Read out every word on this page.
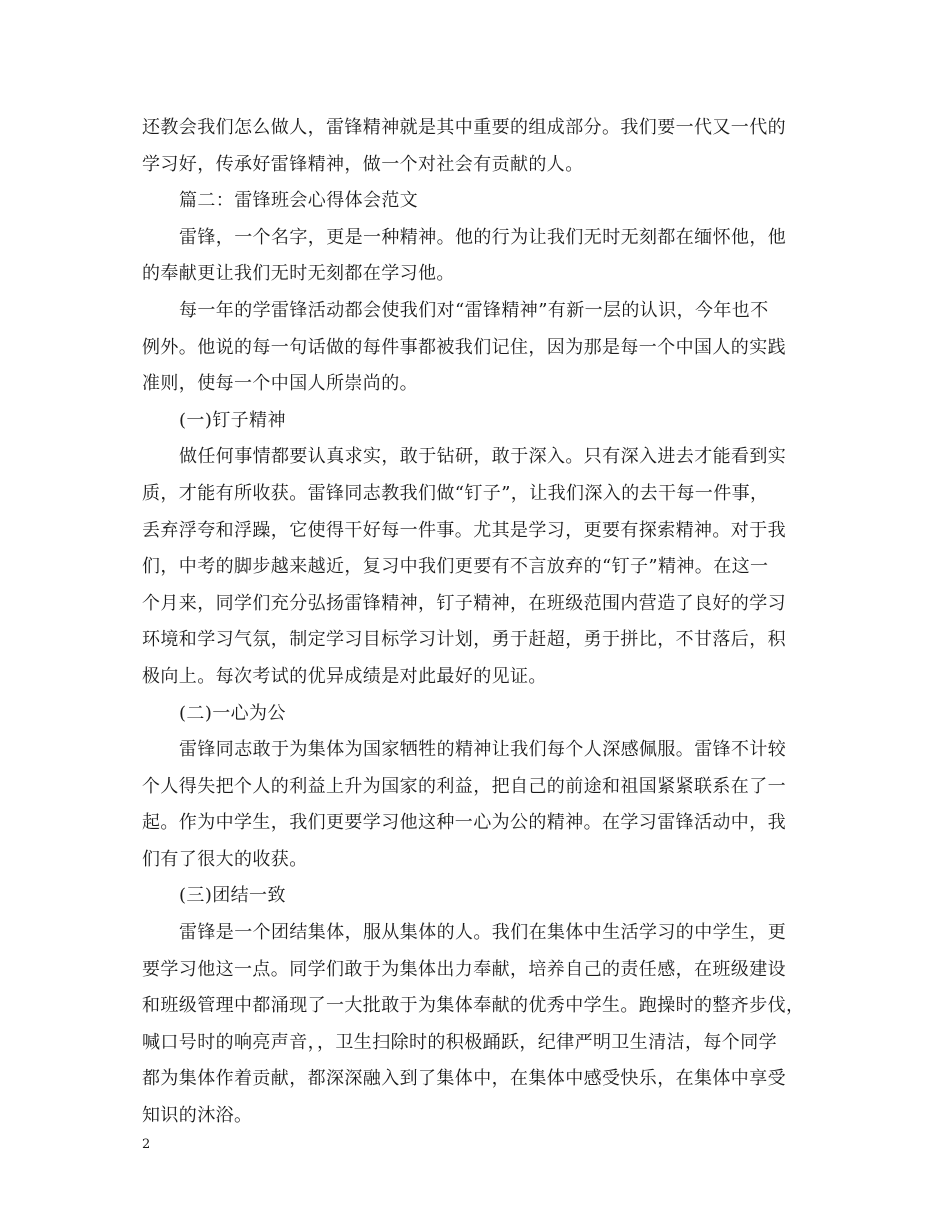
还教会我们怎么做人，雷锋精神就是其中重要的组成部分。我们要一代又一代的
学习好，传承好雷锋精神，做一个对社会有贡献的人。
篇二：雷锋班会心得体会范文
雷锋，一个名字，更是一种精神。他的行为让我们无时无刻都在缅怀他，他
的奉献更让我们无时无刻都在学习他。
每一年的学雷锋活动都会使我们对“雷锋精神”有新一层的认识，今年也不
例外。他说的每一句话做的每件事都被我们记住，因为那是每一个中国人的实践
准则，使每一个中国人所崇尚的。
(一)钉子精神
做任何事情都要认真求实，敢于钻研，敢于深入。只有深入进去才能看到实
质，才能有所收获。雷锋同志教我们做“钉子”，让我们深入的去干每一件事，
丢弃浮夸和浮躁，它使得干好每一件事。尤其是学习，更要有探索精神。对于我
们，中考的脚步越来越近，复习中我们更要有不言放弃的“钉子”精神。在这一
个月来，同学们充分弘扬雷锋精神，钉子精神，在班级范围内营造了良好的学习
环境和学习气氛，制定学习目标学习计划，勇于赶超，勇于拼比，不甘落后，积
极向上。每次考试的优异成绩是对此最好的见证。
(二)一心为公
雷锋同志敢于为集体为国家牺牲的精神让我们每个人深感佩服。雷锋不计较
个人得失把个人的利益上升为国家的利益，把自己的前途和祖国紧紧联系在了一
起。作为中学生，我们更要学习他这种一心为公的精神。在学习雷锋活动中，我
们有了很大的收获。
(三)团结一致
雷锋是一个团结集体，服从集体的人。我们在集体中生活学习的中学生，更
要学习他这一点。同学们敢于为集体出力奉献，培养自己的责任感，在班级建设
和班级管理中都涌现了一大批敢于为集体奉献的优秀中学生。跑操时的整齐步伐，
喊口号时的响亮声音，，卫生扫除时的积极踊跃，纪律严明卫生清洁，每个同学
都为集体作着贡献，都深深融入到了集体中，在集体中感受快乐，在集体中享受
知识的沐浴。
2
